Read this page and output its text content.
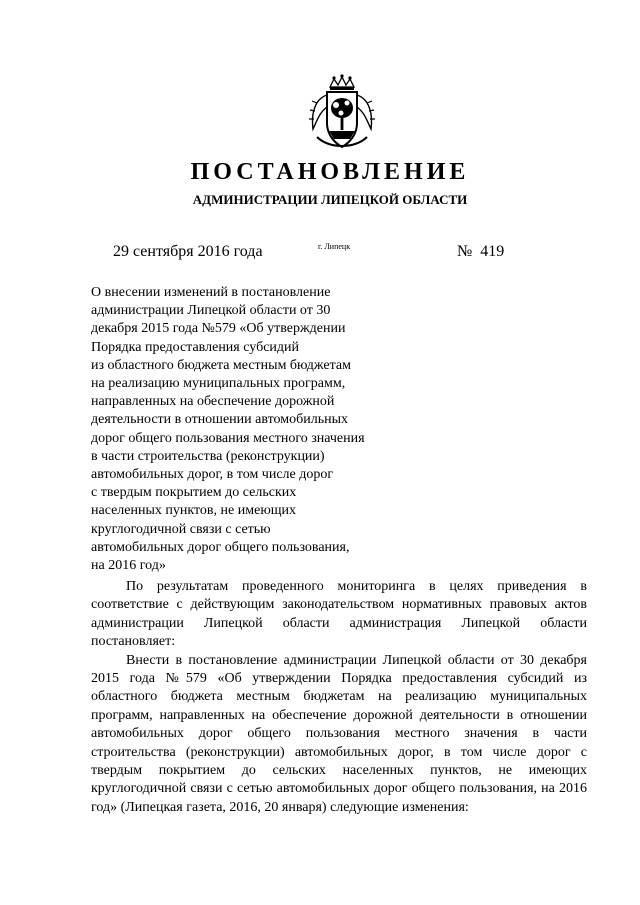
ПОСТАНОВЛЕНИЕ
АДМИНИСТРАЦИИ ЛИПЕЦКОЙ ОБЛАСТИ
29 сентября 2016 года	г. Липецк	№ 419
О внесении изменений в постановление
администрации Липецкой области от 30
декабря 2015 года №579 «Об утверждении
Порядка предоставления субсидий
из областного бюджета местным бюджетам
на реализацию муниципальных программ,
направленных на обеспечение дорожной
деятельности в отношении автомобильных
дорог общего пользования местного значения
в части строительства (реконструкции)
автомобильных дорог, в том числе дорог
с твердым покрытием до сельских
населенных пунктов, не имеющих
круглогодичной связи с сетью
автомобильных дорог общего пользования,
на 2016 год»

По результатам проведенного мониторинга в целях приведения в соответствие с действующим законодательством нормативных правовых актов администрации Липецкой области администрация Липецкой области постановляет:

Внести в постановление администрации Липецкой области от 30 декабря 2015 года №579 «Об утверждении Порядка предоставления субсидий из областного бюджета местным бюджетам на реализацию муниципальных программ, направленных на обеспечение дорожной деятельности в отношении автомобильных дорог общего пользования местного значения в части строительства (реконструкции) автомобильных дорог, в том числе дорог с твердым покрытием до сельских населенных пунктов, не имеющих круглогодичной связи с сетью автомобильных дорог общего пользования, на 2016 год» (Липецкая газета, 2016, 20 января) следующие изменения:
